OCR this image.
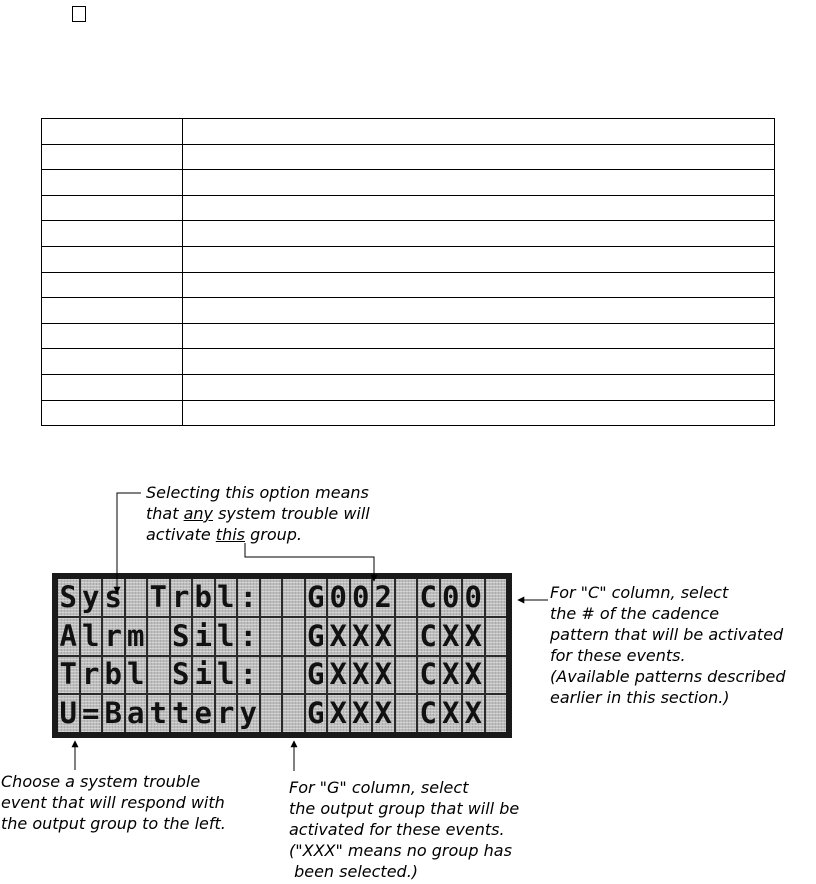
Selecting this option means
that any system trouble will
activate this group.
S y s
T r b l :

G 0 0 2
C 0 0

A l r m
S i l :

G X X X
C X X

T r b l
S i l :

G X X X
C X X

U = B a t t e r y

G X X X
C X X

For "C" column, select
the # of the cadence
pattern that will be activated
for these events.
(Available patterns described
earlier in this section.)
Choose a system trouble
event that will respond with
the output group to the left.
For "G" column, select
the output group that will be
activated for these events.
("XXX" means no group has
been selected.)
